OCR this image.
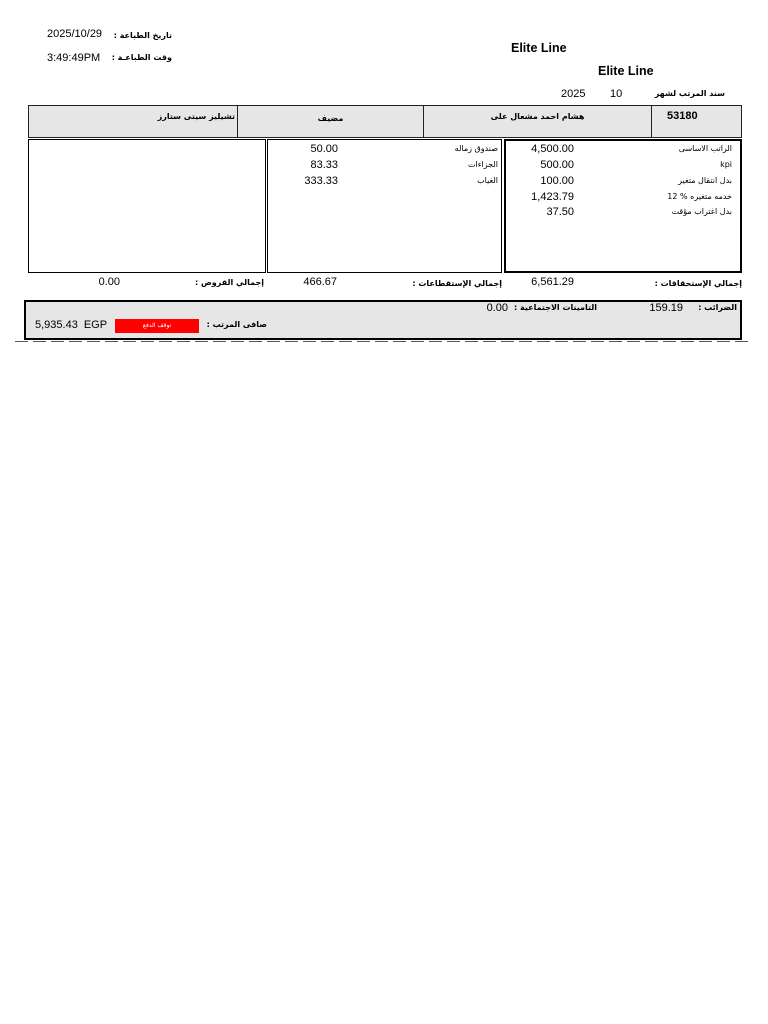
2025/10/29 تاريخ الطباعة :
3:49:49PM وقت الطباعـة :
Elite Line
Elite Line
2025 10	سند المرتب لشهر
تشيليز سيتى ستارز	مضيف	هشام احمد مشعال على	53180
50.00	صندوق زماله
83.33	الجزاءات
333.33	الغياب
4,500.00	الراتب الاساسى
500.00	kpi
100.00	بدل انتقال متغير
1,423.79	خدمه متغيره % 12
37.50	بدل اغتراب مؤقت
0.00	إجمالي القروض :	466.67	إجمالي الإستقطاعات :	6,561.29	إجمالي الإستحقاقات :
الضرائب :
159.19
التامينات الاجتماعية :
0.00
صافى المرتب :
توقف الدفع
5,935.43 EGP
